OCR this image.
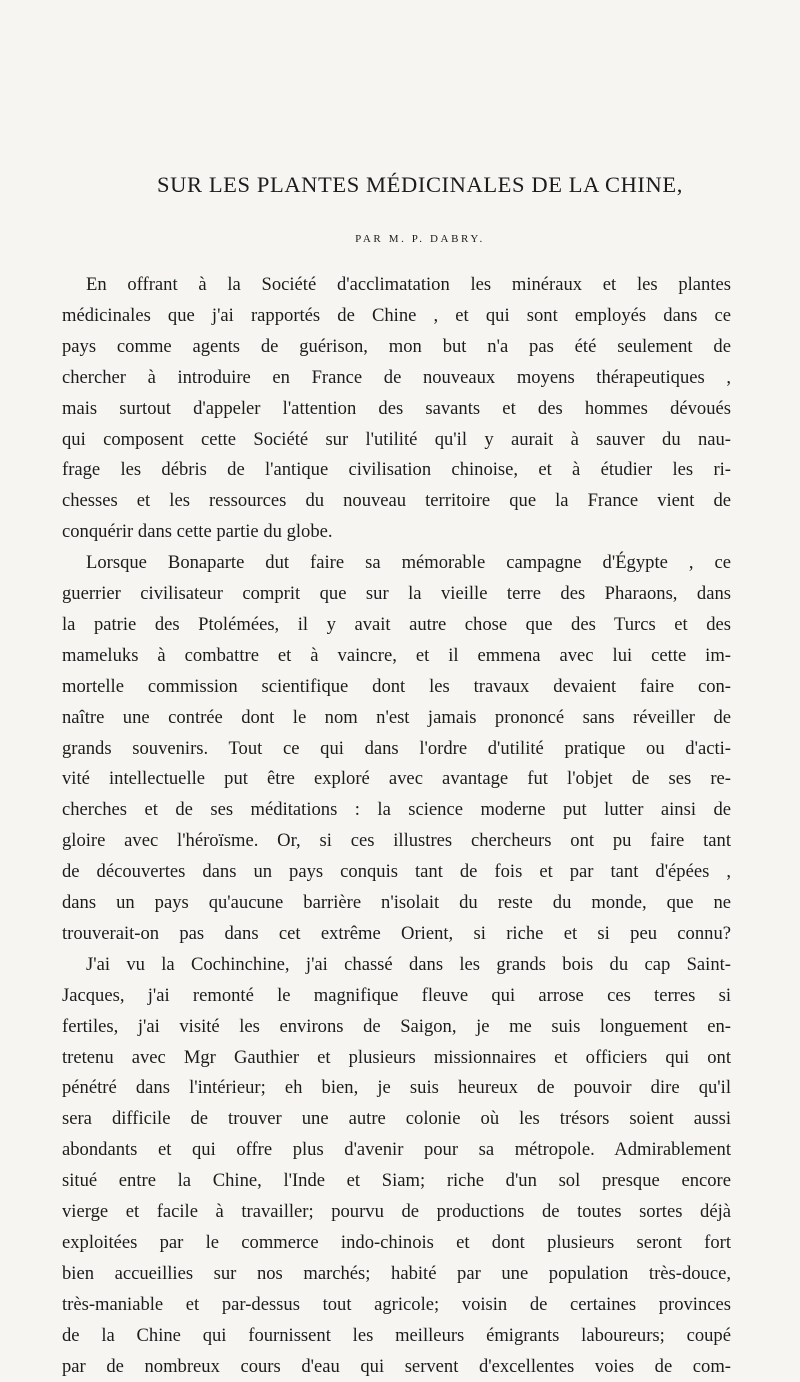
SUR LES PLANTES MÉDICINALES DE LA CHINE,
PAR M. P. DABRY.
En offrant à la Société d'acclimatation les minéraux et les plantes
médicinales que j'ai rapportés de Chine , et qui sont employés dans ce
pays comme agents de guérison, mon but n'a pas été seulement de
chercher à introduire en France de nouveaux moyens thérapeutiques ,
mais surtout d'appeler l'attention des savants et des hommes dévoués
qui composent cette Société sur l'utilité qu'il y aurait à sauver du nau-
frage les débris de l'antique civilisation chinoise, et à étudier les ri-
chesses et les ressources du nouveau territoire que la France vient de
conquérir dans cette partie du globe.
Lorsque Bonaparte dut faire sa mémorable campagne d'Égypte , ce
guerrier civilisateur comprit que sur la vieille terre des Pharaons, dans
la patrie des Ptolémées, il y avait autre chose que des Turcs et des
mameluks à combattre et à vaincre, et il emmena avec lui cette im-
mortelle commission scientifique dont les travaux devaient faire con-
naître une contrée dont le nom n'est jamais prononcé sans réveiller de
grands souvenirs. Tout ce qui dans l'ordre d'utilité pratique ou d'acti-
vité intellectuelle put être exploré avec avantage fut l'objet de ses re-
cherches et de ses méditations : la science moderne put lutter ainsi de
gloire avec l'héroïsme. Or, si ces illustres chercheurs ont pu faire tant
de découvertes dans un pays conquis tant de fois et par tant d'épées ,
dans un pays qu'aucune barrière n'isolait du reste du monde, que ne
trouverait-on pas dans cet extrême Orient, si riche et si peu connu?
J'ai vu la Cochinchine, j'ai chassé dans les grands bois du cap Saint-
Jacques, j'ai remonté le magnifique fleuve qui arrose ces terres si
fertiles, j'ai visité les environs de Saigon, je me suis longuement en-
tretenu avec Mgr Gauthier et plusieurs missionnaires et officiers qui ont
pénétré dans l'intérieur; eh bien, je suis heureux de pouvoir dire qu'il
sera difficile de trouver une autre colonie où les trésors soient aussi
abondants et qui offre plus d'avenir pour sa métropole. Admirablement
situé entre la Chine, l'Inde et Siam; riche d'un sol presque encore
vierge et facile à travailler; pourvu de productions de toutes sortes déjà
exploitées par le commerce indo-chinois et dont plusieurs seront fort
bien accueillies sur nos marchés; habité par une population très-douce,
très-maniable et par-dessus tout agricole; voisin de certaines provinces
de la Chine qui fournissent les meilleurs émigrants laboureurs; coupé
par de nombreux cours d'eau qui servent d'excellentes voies de com-
